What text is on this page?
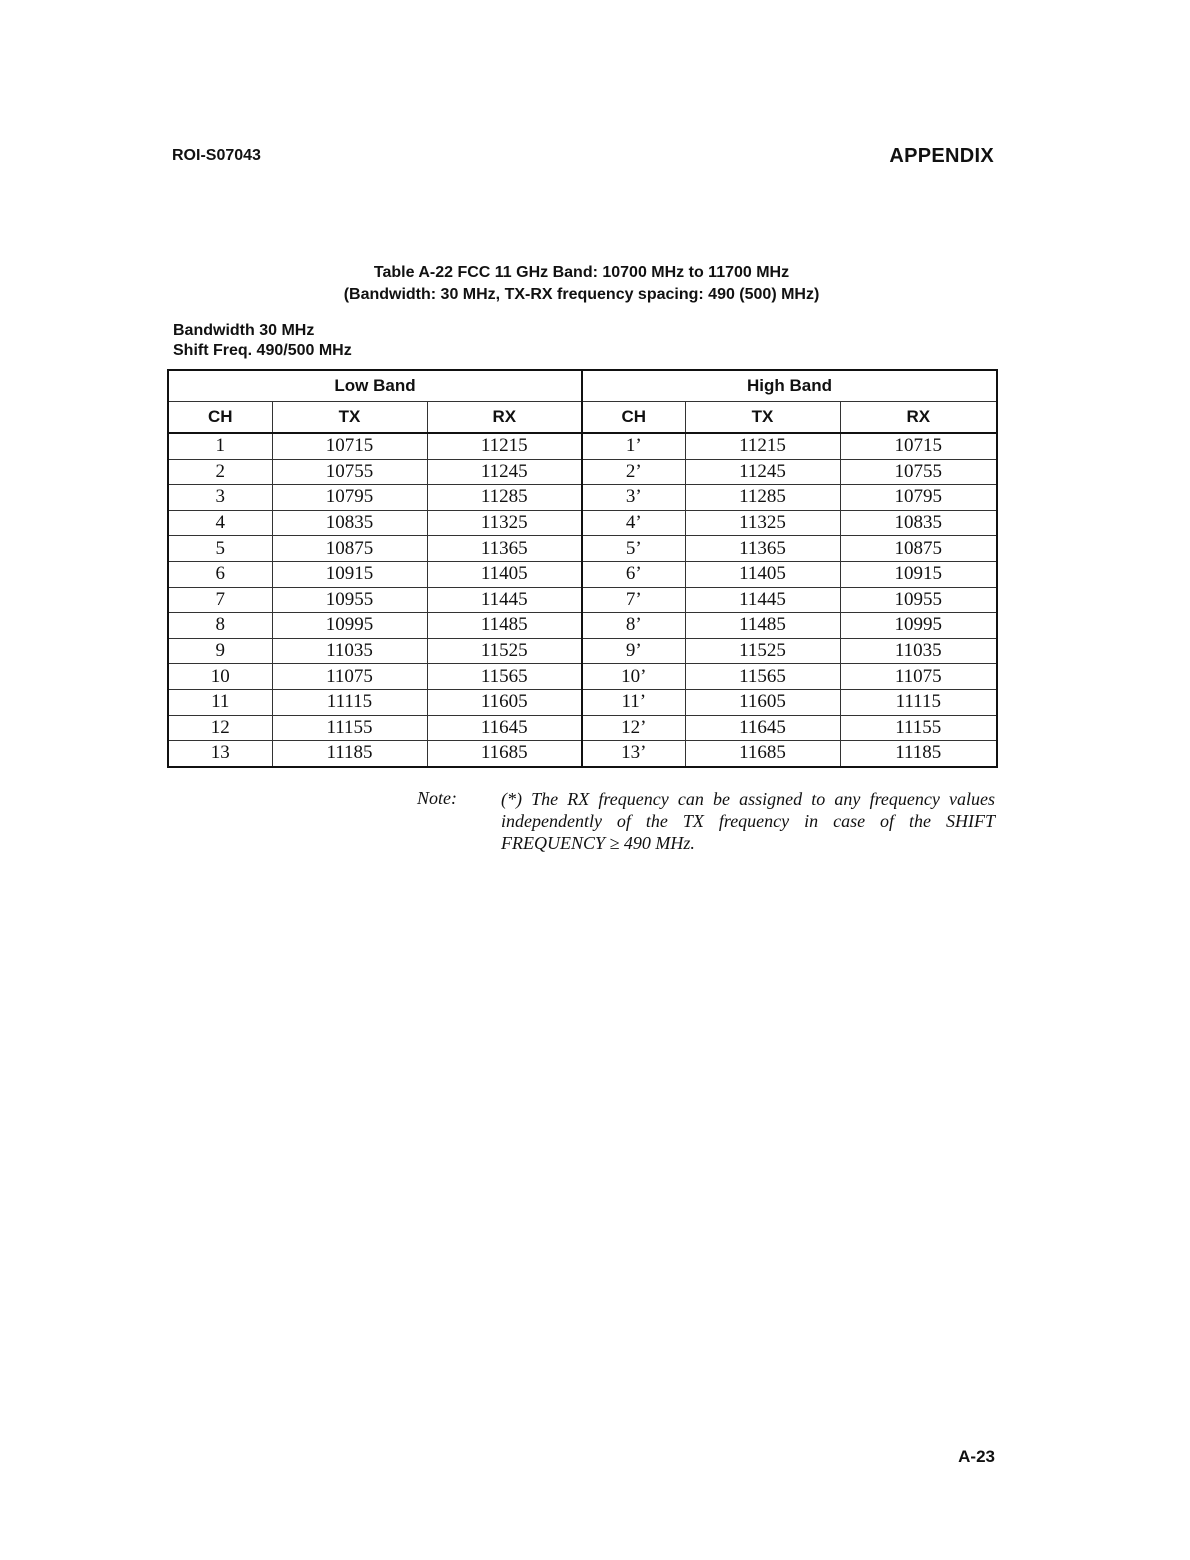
ROI-S07043	APPENDIX
Table A-22 FCC 11 GHz Band: 10700 MHz to 11700 MHz
(Bandwidth: 30 MHz, TX-RX frequency spacing: 490 (500) MHz)
Bandwidth 30 MHz
Shift Freq. 490/500 MHz
Low Band			High Band		
CH	TX	RX	CH	TX	RX
1	10715	11215	1’	11215	10715
2	10755	11245	2’	11245	10755
3	10795	11285	3’	11285	10795
4	10835	11325	4’	11325	10835
5	10875	11365	5’	11365	10875
6	10915	11405	6’	11405	10915
7	10955	11445	7’	11445	10955
8	10995	11485	8’	11485	10995
9	11035	11525	9’	11525	11035
10	11075	11565	10’	11565	11075
11	11115	11605	11’	11605	11115
12	11155	11645	12’	11645	11155
13	11185	11685	13’	11685	11185
Note: (*) The RX frequency can be assigned to any frequency values independently of the TX frequency in case of the SHIFT FREQUENCY ≥ 490 MHz.
A-23
